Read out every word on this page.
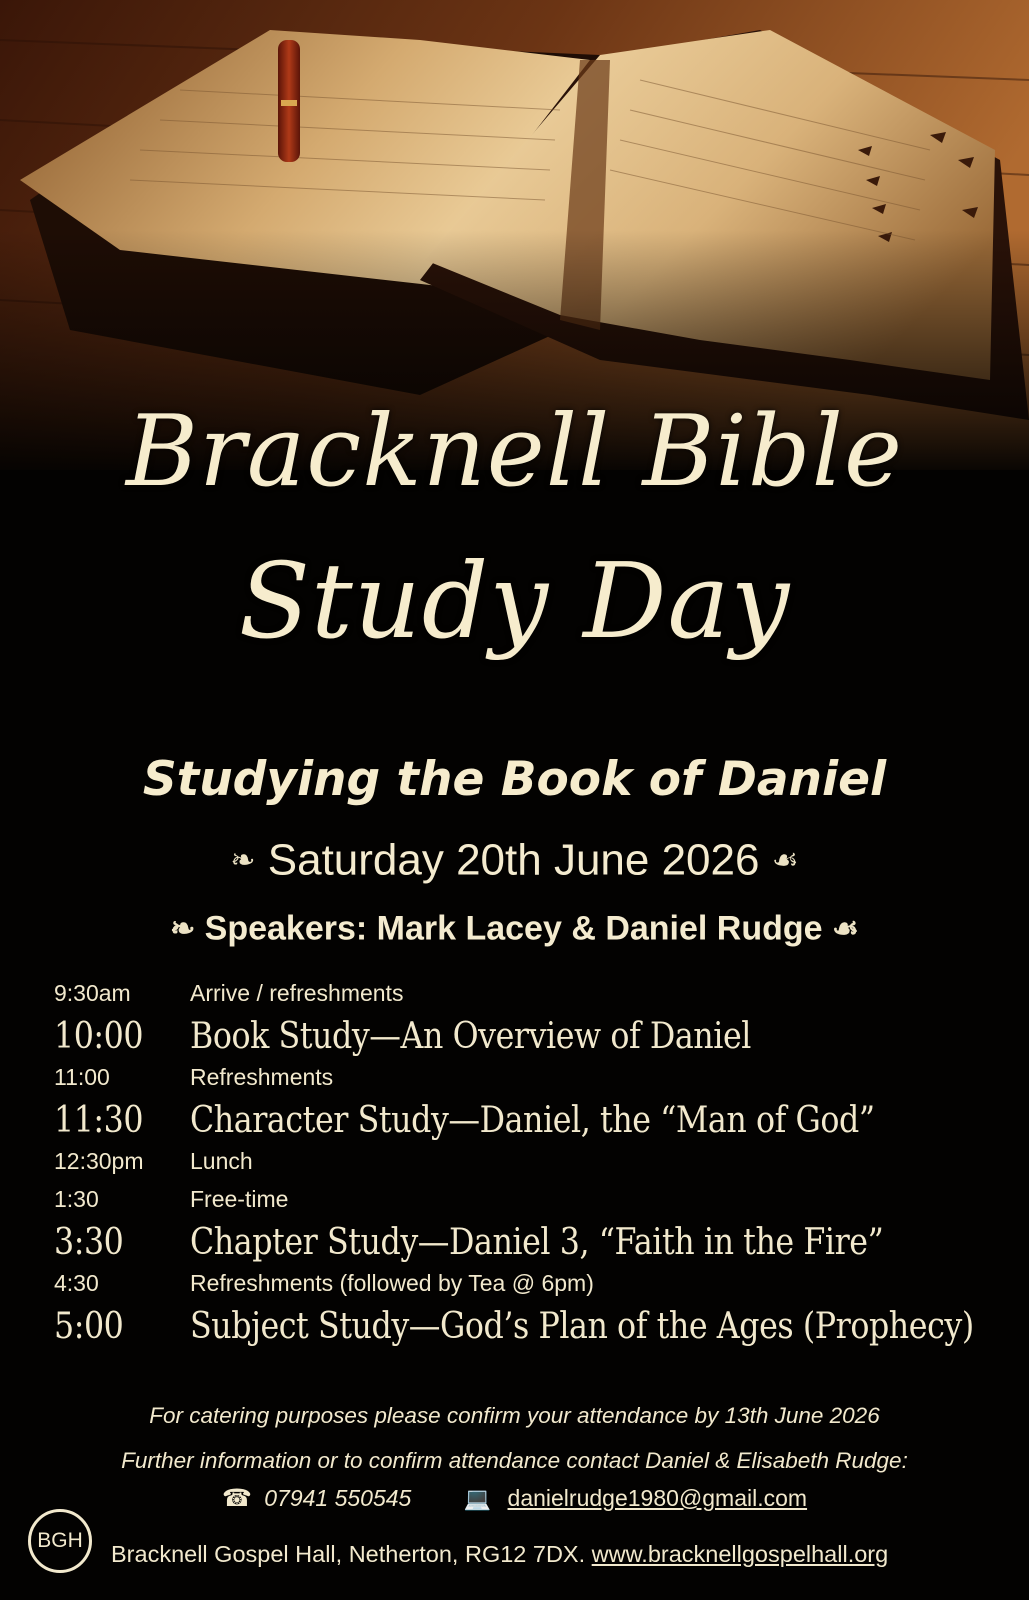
Bracknell Bible
Study Day
Studying the Book of Daniel
❧ Saturday 20th June 2026 ☙
❧ Speakers: Mark Lacey & Daniel Rudge ☙
9:30am	Arrive / refreshments
10:00 Book Study—An Overview of Daniel
11:00	Refreshments
11:30 Character Study—Daniel, the “Man of God”
12:30pm Lunch
1:30	Free-time
3:30 Chapter Study—Daniel 3, “Faith in the Fire”
4:30	Refreshments (followed by Tea @ 6pm)
5:00 Subject Study—God’s Plan of the Ages (Prophecy)
For catering purposes please confirm your attendance by 13th June 2026
Further information or to confirm attendance contact Daniel & Elisabeth Rudge:
☎ 07941 550545 💻 danielrudge1980@gmail.com
BGH
Bracknell Gospel Hall, Netherton, RG12 7DX. www.bracknellgospelhall.org
